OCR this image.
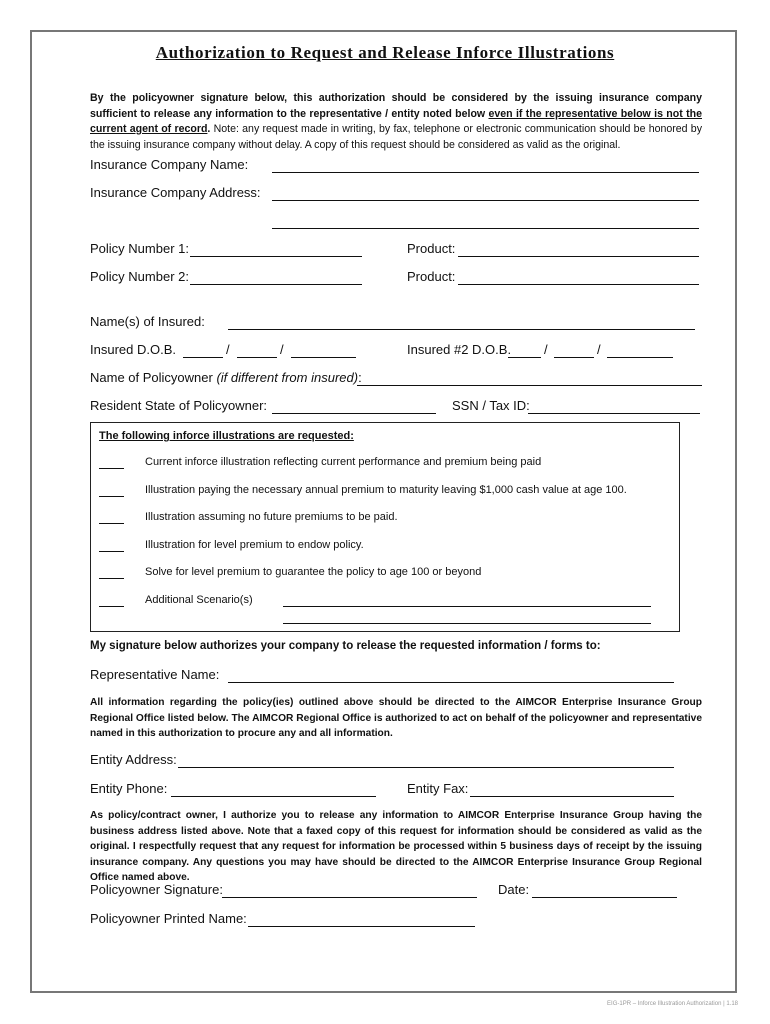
Authorization to Request and Release Inforce Illustrations
By the policyowner signature below, this authorization should be considered by the issuing insurance company sufficient to release any information to the representative / entity noted below even if the representative below is not the current agent of record. Note: any request made in writing, by fax, telephone or electronic communication should be honored by the issuing insurance company without delay. A copy of this request should be considered as valid as the original.
Insurance Company Name:
Insurance Company Address:
Policy Number 1:	Product:
Policy Number 2:	Product:
Name(s) of Insured:
Insured D.O.B.	/	/	Insured #2 D.O.B.	/	/
Name of Policyowner (if different from insured):
Resident State of Policyowner:	SSN / Tax ID:
The following inforce illustrations are requested:
Current inforce illustration reflecting current performance and premium being paid
Illustration paying the necessary annual premium to maturity leaving $1,000 cash value at age 100.
Illustration assuming no future premiums to be paid.
Illustration for level premium to endow policy.
Solve for level premium to guarantee the policy to age 100 or beyond
Additional Scenario(s)
My signature below authorizes your company to release the requested information / forms to:
Representative Name:
All information regarding the policy(ies) outlined above should be directed to the AIMCOR Enterprise Insurance Group Regional Office listed below. The AIMCOR Regional Office is authorized to act on behalf of the policyowner and representative named in this authorization to procure any and all information.
Entity Address:
Entity Phone:	Entity Fax:
As policy/contract owner, I authorize you to release any information to AIMCOR Enterprise Insurance Group having the business address listed above. Note that a faxed copy of this request for information should be considered as valid as the original. I respectfully request that any request for information be processed within 5 business days of receipt by the issuing insurance company. Any questions you may have should be directed to the AIMCOR Enterprise Insurance Group Regional Office named above.
Policyowner Signature:	Date:
Policyowner Printed Name:
EIG-1PR – Inforce Illustration Authorization | 1.18
